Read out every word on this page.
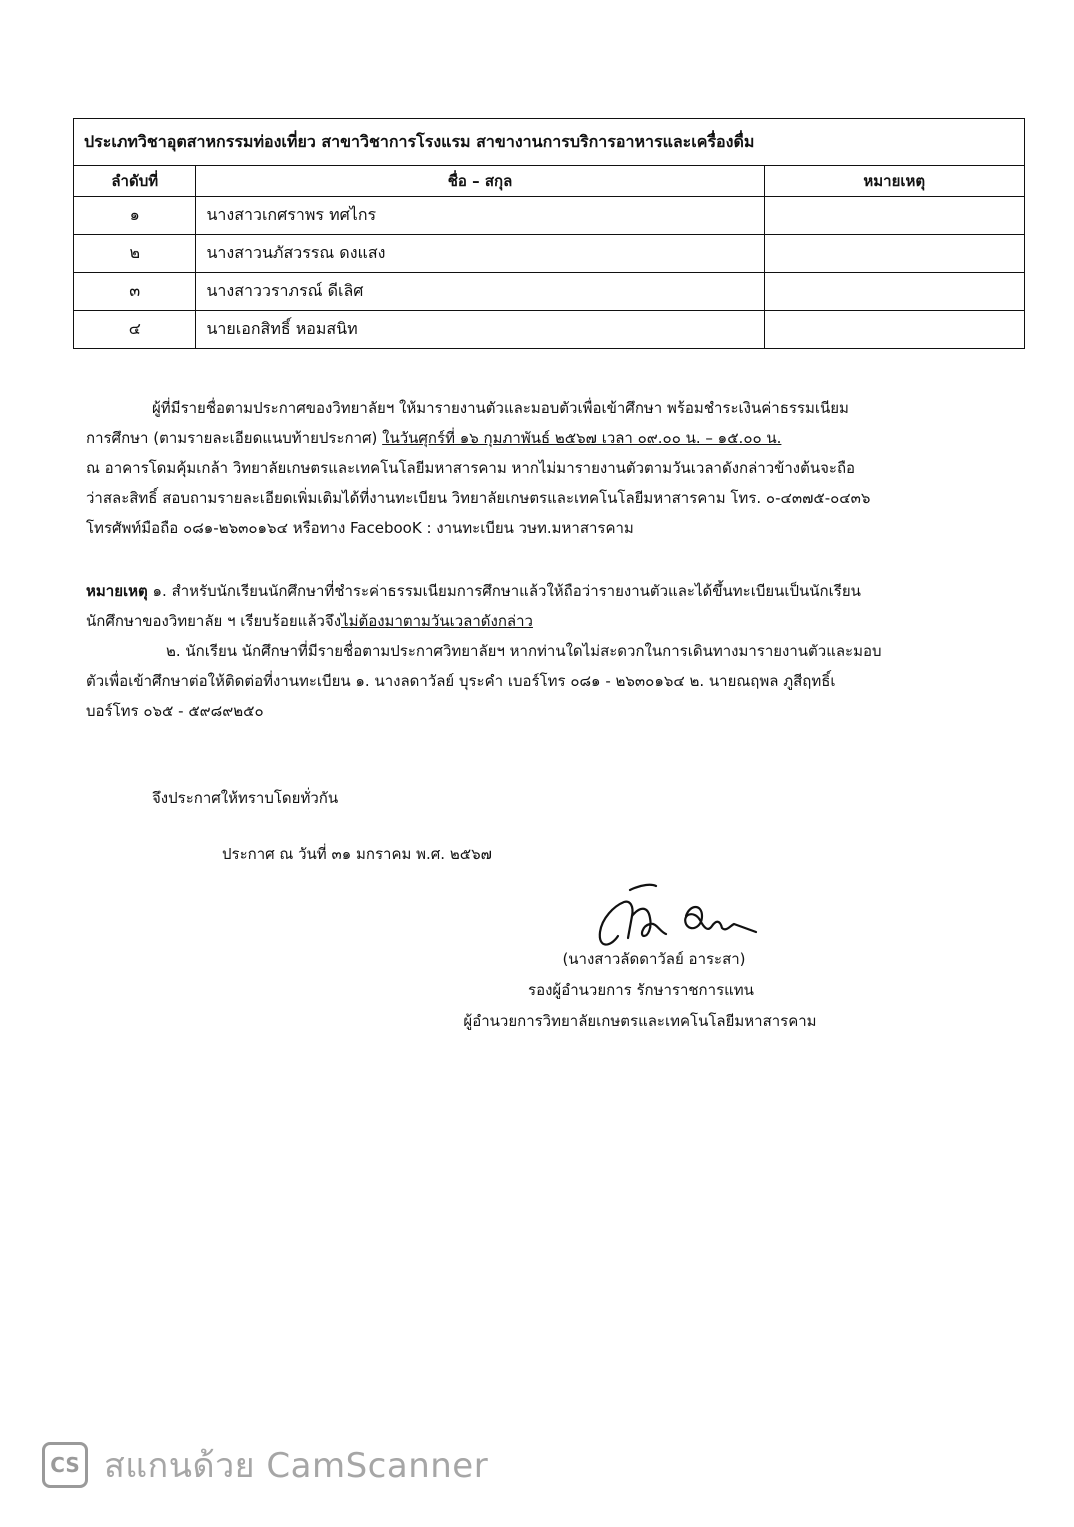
ประเภทวิชาอุตสาหกรรมท่องเที่ยว สาขาวิชาการโรงแรม สาขางานการบริการอาหารและเครื่องดื่ม		
ลำดับที่	ชื่อ – สกุล	หมายเหตุ
๑	นางสาวเกศราพร ทศไกร	
๒	นางสาวนภัสวรรณ ดงแสง	
๓	นางสาววราภรณ์ ดีเลิศ	
๔	นายเอกสิทธิ์ หอมสนิท	
ผู้ที่มีรายชื่อตามประกาศของวิทยาลัยฯ ให้มารายงานตัวและมอบตัวเพื่อเข้าศึกษา พร้อมชำระเงินค่าธรรมเนียม
การศึกษา (ตามรายละเอียดแนบท้ายประกาศ) ในวันศุกร์ที่ ๑๖ กุมภาพันธ์ ๒๕๖๗ เวลา ๐๙.๐๐ น. – ๑๕.๐๐ น.
ณ อาคารโดมคุ้มเกล้า วิทยาลัยเกษตรและเทคโนโลยีมหาสารคาม หากไม่มารายงานตัวตามวันเวลาดังกล่าวข้างต้นจะถือ
ว่าสละสิทธิ์ สอบถามรายละเอียดเพิ่มเติมได้ที่งานทะเบียน วิทยาลัยเกษตรและเทคโนโลยีมหาสารคาม โทร. ๐-๔๓๗๕-๐๔๓๖
โทรศัพท์มือถือ ๐๘๑-๒๖๓๐๑๖๔ หรือทาง FacebooK : งานทะเบียน วษท.มหาสารคาม
หมายเหตุ ๑. สำหรับนักเรียนนักศึกษาที่ชำระค่าธรรมเนียมการศึกษาแล้วให้ถือว่ารายงานตัวและได้ขึ้นทะเบียนเป็นนักเรียน
นักศึกษาของวิทยาลัย ฯ เรียบร้อยแล้วจึงไม่ต้องมาตามวันเวลาดังกล่าว
๒. นักเรียน นักศึกษาที่มีรายชื่อตามประกาศวิทยาลัยฯ หากท่านใดไม่สะดวกในการเดินทางมารายงานตัวและมอบ
ตัวเพื่อเข้าศึกษาต่อให้ติดต่อที่งานทะเบียน ๑. นางลดาวัลย์ บุระคำ เบอร์โทร ๐๘๑ - ๒๖๓๐๑๖๔ ๒. นายณฤพล ภูสีฤทธิ์เ
บอร์โทร ๐๖๕ - ๕๙๘๙๒๕๐
จึงประกาศให้ทราบโดยทั่วกัน
ประกาศ ณ วันที่ ๓๑ มกราคม พ.ศ. ๒๕๖๗
(นางสาวลัดดาวัลย์ อาระสา)
รองผู้อำนวยการ รักษาราชการแทน
ผู้อำนวยการวิทยาลัยเกษตรและเทคโนโลยีมหาสารคาม
CS สแกนด้วย CamScanner
